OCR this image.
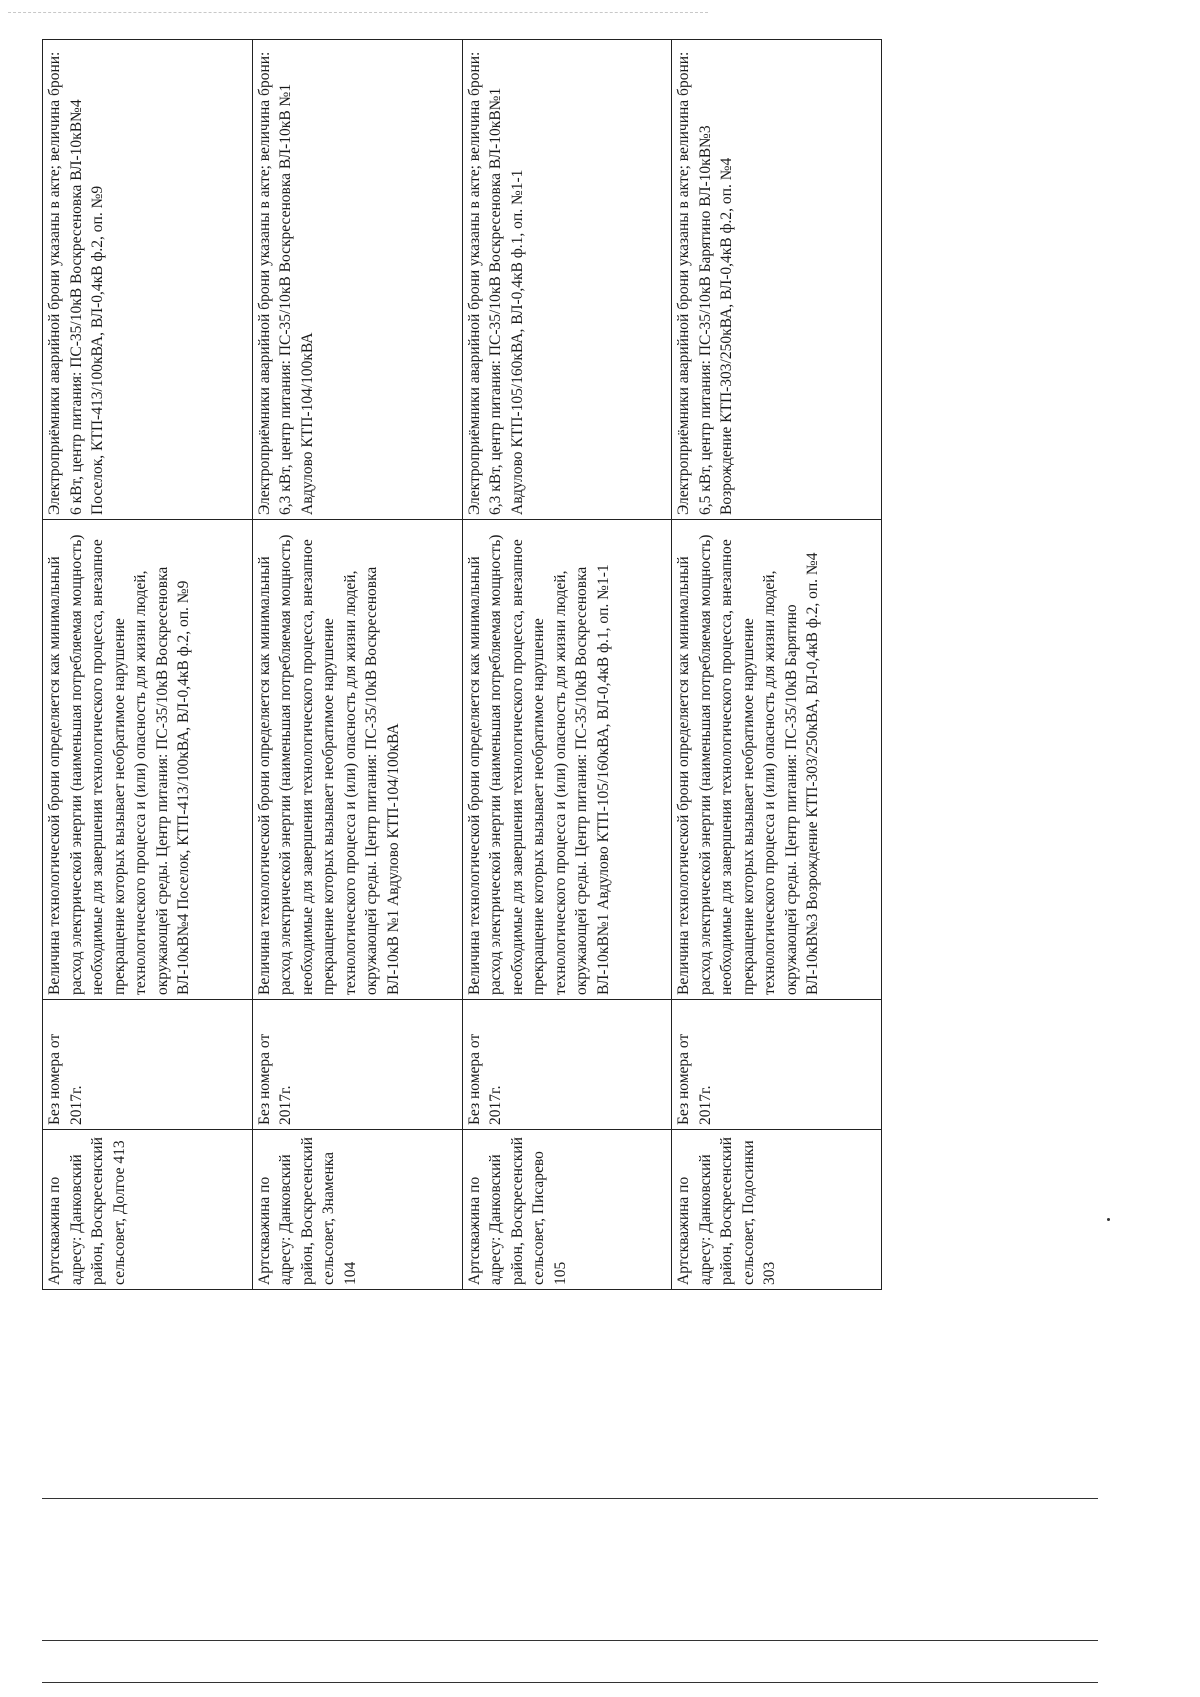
Артскважина по адресу: Данковский район, Воскресенский сельсовет, Долгое 413	Без номера от 2017г.	Величина технологической брони определяется как минимальный расход электрической энергии (наименьшая потребляемая мощность) необходимые для завершения технологического процесса, внезапное прекращение которых вызывает необратимое нарушение технологического процесса и (или) опасность для жизни людей, окружающей среды. Центр питания: ПС-35/10кВ Воскресеновка ВЛ-10кВ№4 Поселок, КТП-413/100кВА, ВЛ-0,4кВ ф.2, оп. №9	Электроприёмники аварийной брони указаны в акте; величина брони: 6 кВт, центр питания: ПС-35/10кВ Воскресеновка ВЛ-10кВ№4 Поселок, КТП-413/100кВА, ВЛ-0,4кВ ф.2, оп. №9
Артскважина по адресу: Данковский район, Воскресенский сельсовет, Знаменка 104	Без номера от 2017г.	Величина технологической брони определяется как минимальный расход электрической энергии (наименьшая потребляемая мощность) необходимые для завершения технологического процесса, внезапное прекращение которых вызывает необратимое нарушение технологического процесса и (или) опасность для жизни людей, окружающей среды. Центр питания: ПС-35/10кВ Воскресеновка ВЛ-10кВ №1 Авдулово КТП-104/100кВА	Электроприёмники аварийной брони указаны в акте; величина брони: 6,3 кВт, центр питания: ПС-35/10кВ Воскресеновка ВЛ-10кВ №1 Авдулово КТП-104/100кВА
Артскважина по адресу: Данковский район, Воскресенский сельсовет, Писарево 105	Без номера от 2017г.	Величина технологической брони определяется как минимальный расход электрической энергии (наименьшая потребляемая мощность) необходимые для завершения технологического процесса, внезапное прекращение которых вызывает необратимое нарушение технологического процесса и (или) опасность для жизни людей, окружающей среды. Центр питания: ПС-35/10кВ Воскресеновка ВЛ-10кВ№1 Авдулово КТП-105/160кВА, ВЛ-0,4кВ ф.1, оп. №1-1	Электроприёмники аварийной брони указаны в акте; величина брони: 6,3 кВт, центр питания: ПС-35/10кВ Воскресеновка ВЛ-10кВ№1 Авдулово КТП-105/160кВА, ВЛ-0,4кВ ф.1, оп. №1-1
Артскважина по адресу: Данковский район, Воскресенский сельсовет, Подосинки 303	Без номера от 2017г.	Величина технологической брони определяется как минимальный расход электрической энергии (наименьшая потребляемая мощность) необходимые для завершения технологического процесса, внезапное прекращение которых вызывает необратимое нарушение технологического процесса и (или) опасность для жизни людей, окружающей среды. Центр питания: ПС-35/10кВ Барятино ВЛ-10кВ№3 Возрождение КТП-303/250кВА, ВЛ-0,4кВ ф.2, оп. №4	Электроприёмники аварийной брони указаны в акте; величина брони: 6,5 кВт, центр питания: ПС-35/10кВ Барятино ВЛ-10кВ№3 Возрождение КТП-303/250кВА, ВЛ-0,4кВ ф.2, оп. №4
